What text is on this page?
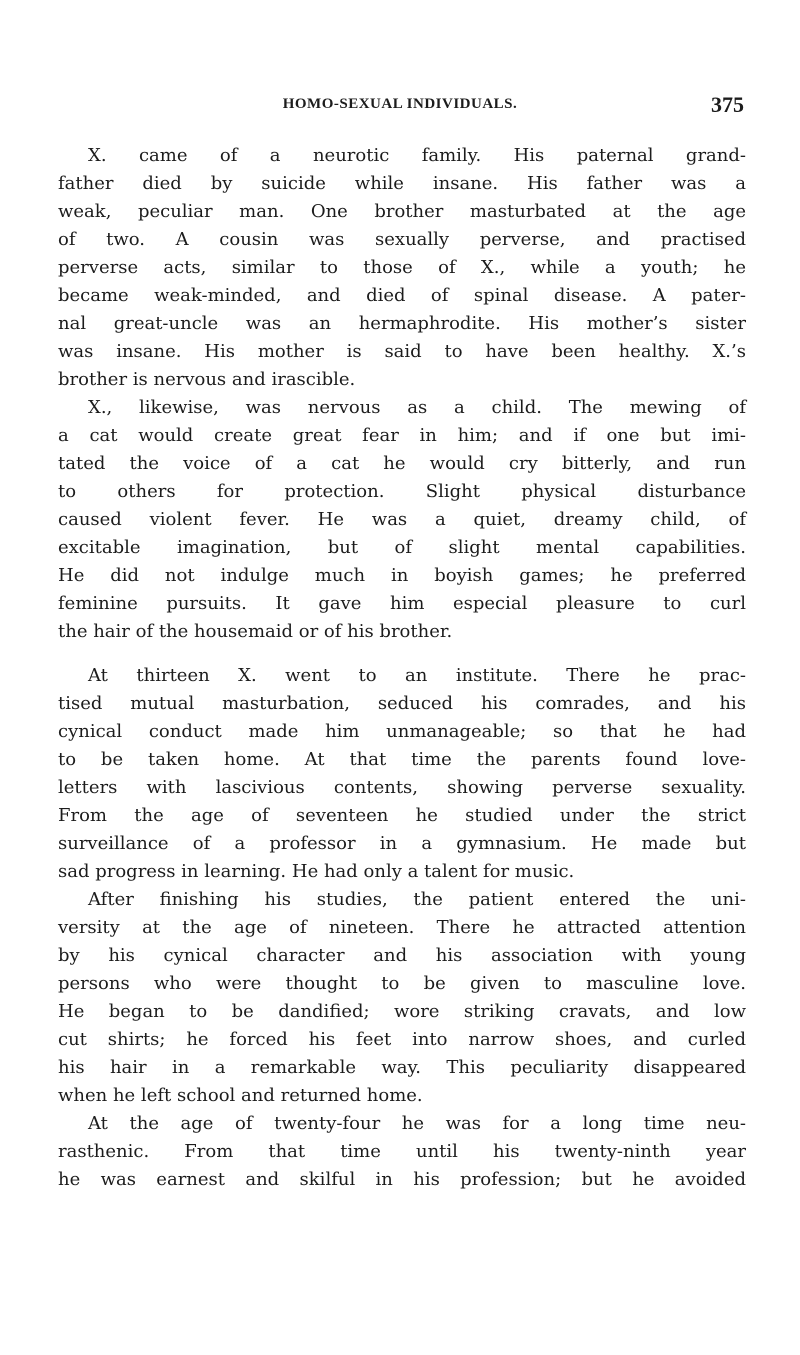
HOMO-SEXUAL INDIVIDUALS.	375
X. came of a neurotic family. His paternal grand-
father died by suicide while insane. His father was a
weak, peculiar man. One brother masturbated at the age
of two. A cousin was sexually perverse, and practised
perverse acts, similar to those of X., while a youth; he
became weak-minded, and died of spinal disease. A pater-
nal great-uncle was an hermaphrodite. His mother’s sister
was insane. His mother is said to have been healthy. X.’s
brother is nervous and irascible.
X., likewise, was nervous as a child. The mewing of
a cat would create great fear in him; and if one but imi-
tated the voice of a cat he would cry bitterly, and run
to others for protection. Slight physical disturbance
caused violent fever. He was a quiet, dreamy child, of
excitable imagination, but of slight mental capabilities.
He did not indulge much in boyish games; he preferred
feminine pursuits. It gave him especial pleasure to curl
the hair of the housemaid or of his brother.
At thirteen X. went to an institute. There he prac-
tised mutual masturbation, seduced his comrades, and his
cynical conduct made him unmanageable; so that he had
to be taken home. At that time the parents found love-
letters with lascivious contents, showing perverse sexuality.
From the age of seventeen he studied under the strict
surveillance of a professor in a gymnasium. He made but
sad progress in learning. He had only a talent for music.
After finishing his studies, the patient entered the uni-
versity at the age of nineteen. There he attracted attention
by his cynical character and his association with young
persons who were thought to be given to masculine love.
He began to be dandified; wore striking cravats, and low
cut shirts; he forced his feet into narrow shoes, and curled
his hair in a remarkable way. This peculiarity disappeared
when he left school and returned home.
At the age of twenty-four he was for a long time neu-
rasthenic. From that time until his twenty-ninth year
he was earnest and skilful in his profession; but he avoided
